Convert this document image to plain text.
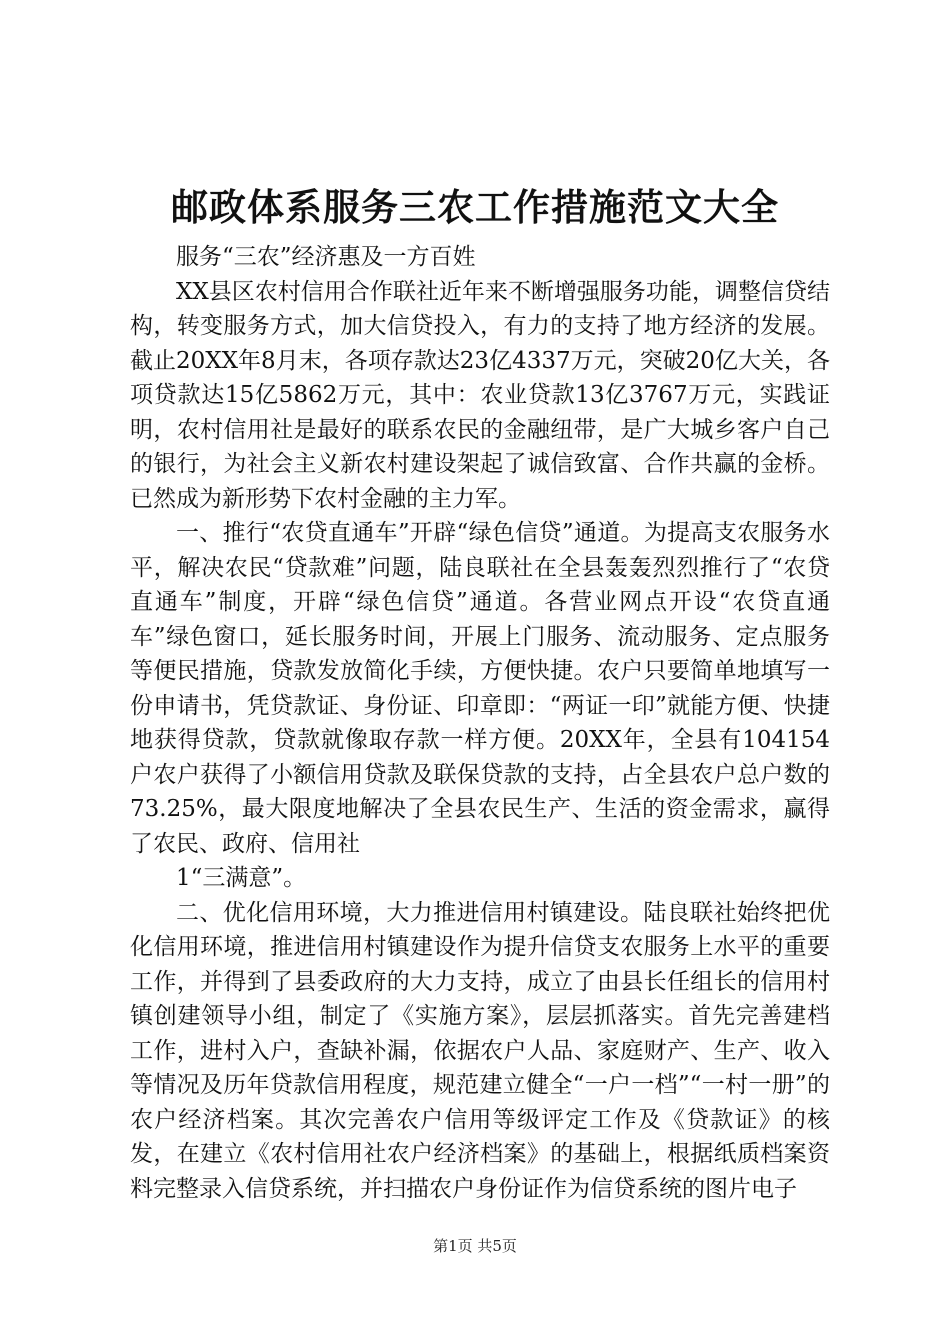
邮政体系服务三农工作措施范文大全

服务“三农”经济惠及一方百姓

XX县区农村信用合作联社近年来不断增强服务功能，调整信贷结构，转变服务方式，加大信贷投入，有力的支持了地方经济的发展。截止20XX年8月末，各项存款达23亿4337万元，突破20亿大关，各项贷款达15亿5862万元，其中：农业贷款13亿3767万元，实践证明，农村信用社是最好的联系农民的金融纽带，是广大城乡客户自己的银行，为社会主义新农村建设架起了诚信致富、合作共赢的金桥。已然成为新形势下农村金融的主力军。

一、推行“农贷直通车”开辟“绿色信贷”通道。为提高支农服务水平，解决农民“贷款难”问题，陆良联社在全县轰轰烈烈推行了“农贷直通车”制度，开辟“绿色信贷”通道。各营业网点开设“农贷直通车”绿色窗口，延长服务时间，开展上门服务、流动服务、定点服务等便民措施，贷款发放简化手续，方便快捷。农户只要简单地填写一份申请书，凭贷款证、身份证、印章即：“两证一印”就能方便、快捷地获得贷款，贷款就像取存款一样方便。20XX年，全县有104154户农户获得了小额信用贷款及联保贷款的支持，占全县农户总户数的73.25%，最大限度地解决了全县农民生产、生活的资金需求，赢得了农民、政府、信用社

1“三满意”。

二、优化信用环境，大力推进信用村镇建设。陆良联社始终把优化信用环境，推进信用村镇建设作为提升信贷支农服务上水平的重要工作，并得到了县委政府的大力支持，成立了由县长任组长的信用村镇创建领导小组，制定了《实施方案》，层层抓落实。首先完善建档工作，进村入户，查缺补漏，依据农户人品、家庭财产、生产、收入等情况及历年贷款信用程度，规范建立健全“一户一档”“一村一册”的农户经济档案。其次完善农户信用等级评定工作及《贷款证》的核发，在建立《农村信用社农户经济档案》的基础上，根据纸质档案资料完整录入信贷系统，并扫描农户身份证作为信贷系统的图片电子

第1页 共5页
